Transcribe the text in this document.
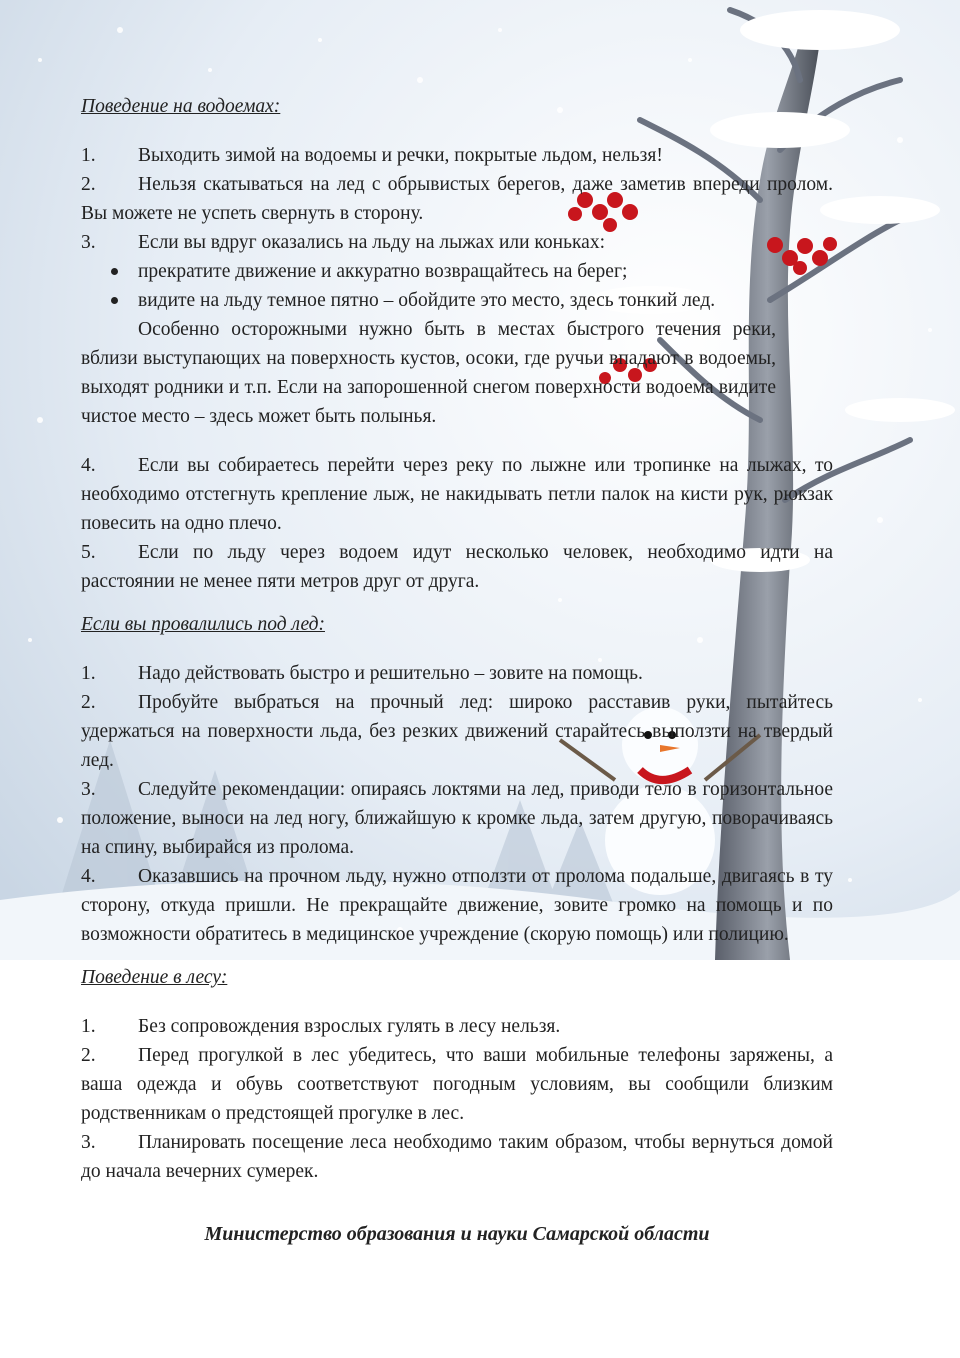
Поведение на водоемах:

1. Выходить зимой на водоемы и речки, покрытые льдом, нельзя!

2. Нельзя скатываться на лед с обрывистых берегов, даже заметив впереди пролом. Вы можете не успеть свернуть в сторону.

3. Если вы вдруг оказались на льду на лыжах или коньках:

прекратите движение и аккуратно возвращайтесь на берег;

видите на льду темное пятно – обойдите это место, здесь тонкий лед.

Особенно осторожными нужно быть в местах быстрого течения реки, вблизи выступающих на поверхность кустов, осоки, где ручьи впадают в водоемы, выходят родники и т.п. Если на запорошенной снегом поверхности водоема видите чистое место – здесь может быть полынья.

4. Если вы собираетесь перейти через реку по лыжне или тропинке на лыжах, то необходимо отстегнуть крепление лыж, не накидывать петли палок на кисти рук, рюкзак повесить на одно плечо.

5. Если по льду через водоем идут несколько человек, необходимо идти на расстоянии не менее пяти метров друг от друга.

Если вы провалились под лед:

1. Надо действовать быстро и решительно – зовите на помощь.

2. Пробуйте выбраться на прочный лед: широко расставив руки, пытайтесь удержаться на поверхности льда, без резких движений старайтесь выползти на твердый лед.

3. Следуйте рекомендации: опираясь локтями на лед, приводи тело в горизонтальное положение, выноси на лед ногу, ближайшую к кромке льда, затем другую, поворачиваясь на спину, выбирайся из пролома.

4. Оказавшись на прочном льду, нужно отползти от пролома подальше, двигаясь в ту сторону, откуда пришли. Не прекращайте движение, зовите громко на помощь и по возможности обратитесь в медицинское учреждение (скорую помощь) или полицию.

Поведение в лесу:

1. Без сопровождения взрослых гулять в лесу нельзя.

2. Перед прогулкой в лес убедитесь, что ваши мобильные телефоны заряжены, а ваша одежда и обувь соответствуют погодным условиям, вы сообщили близким родственникам о предстоящей прогулке в лес.

3. Планировать посещение леса необходимо таким образом, чтобы вернуться домой до начала вечерних сумерек.

Министерство образования и науки Самарской области
